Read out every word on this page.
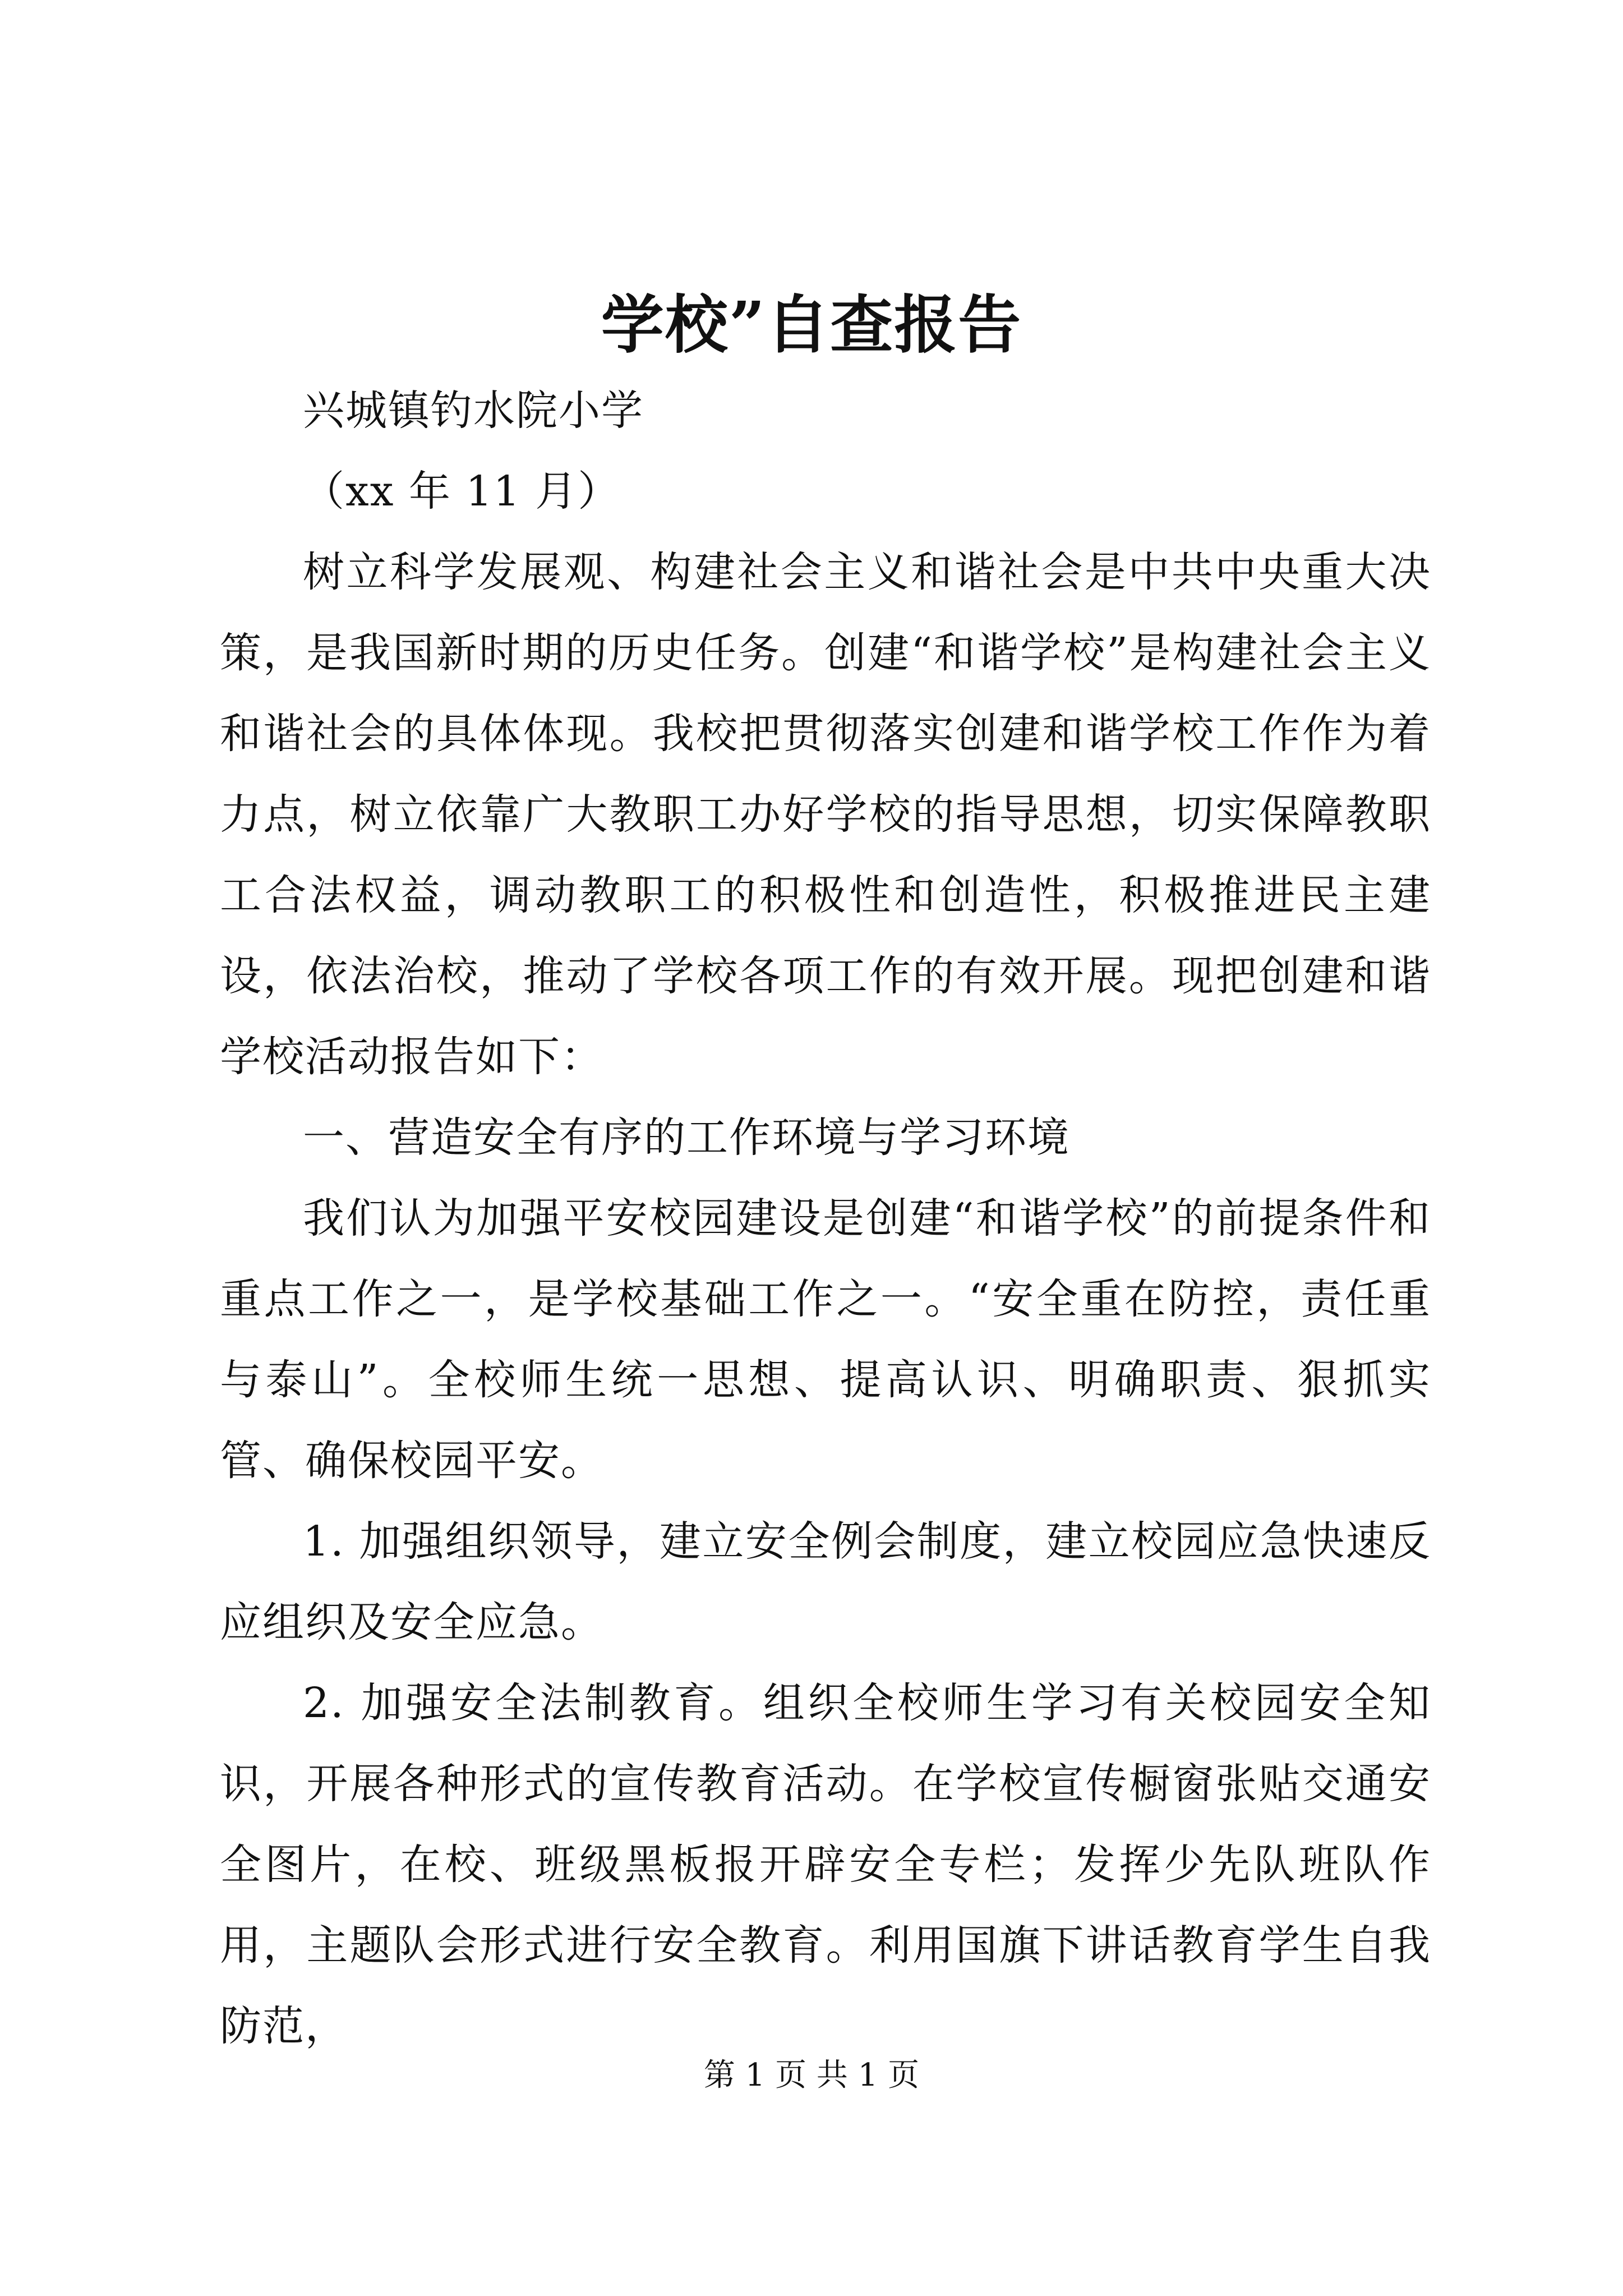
学校”自查报告

兴城镇钓水院小学

（xx 年 11 月）

树立科学发展观、构建社会主义和谐社会是中共中央重大决策，是我国新时期的历史任务。创建“和谐学校”是构建社会主义和谐社会的具体体现。我校把贯彻落实创建和谐学校工作作为着力点，树立依靠广大教职工办好学校的指导思想，切实保障教职工合法权益，调动教职工的积极性和创造性，积极推进民主建设，依法治校，推动了学校各项工作的有效开展。现把创建和谐学校活动报告如下：

一、营造安全有序的工作环境与学习环境

我们认为加强平安校园建设是创建“和谐学校”的前提条件和重点工作之一，是学校基础工作之一。“安全重在防控，责任重与泰山”。全校师生统一思想、提高认识、明确职责、狠抓实管、确保校园平安。

1. 加强组织领导，建立安全例会制度，建立校园应急快速反应组织及安全应急。

2. 加强安全法制教育。组织全校师生学习有关校园安全知识，开展各种形式的宣传教育活动。在学校宣传橱窗张贴交通安全图片，在校、班级黑板报开辟安全专栏；发挥少先队班队作用，主题队会形式进行安全教育。利用国旗下讲话教育学生自我防范，

第 1 页 共 1 页
